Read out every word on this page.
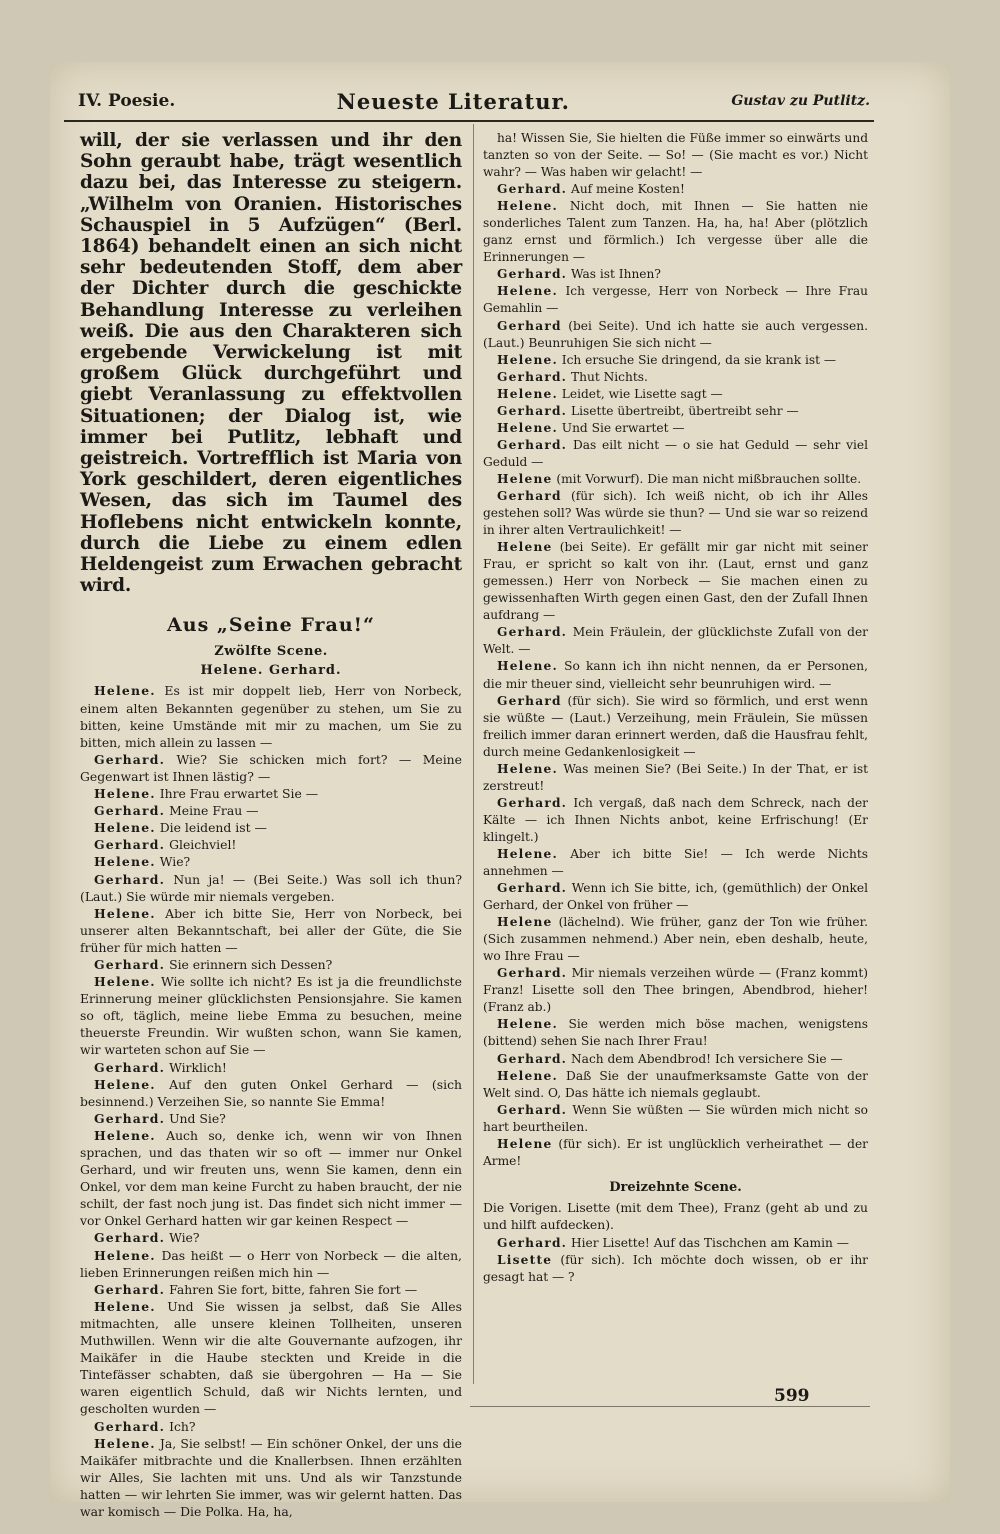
IV. Poesie.	Neueste Literatur.	Gustav zu Putlitz.

will, der sie verlassen und ihr den Sohn geraubt habe, trägt wesentlich dazu bei, das Interesse zu steigern. „Wilhelm von Oranien. Historisches Schauspiel in 5 Aufzügen“ (Berl. 1864) behandelt einen an sich nicht sehr bedeutenden Stoff, dem aber der Dichter durch die geschickte Behandlung Interesse zu verleihen weiß. Die aus den Charakteren sich ergebende Verwickelung ist mit großem Glück durchgeführt und giebt Veranlassung zu effektvollen Situationen; der Dialog ist, wie immer bei Putlitz, lebhaft und geistreich. Vortrefflich ist Maria von York geschildert, deren eigentliches Wesen, das sich im Taumel des Hoflebens nicht entwickeln konnte, durch die Liebe zu einem edlen Heldengeist zum Erwachen gebracht wird.

Aus „Seine Frau!“
Zwölfte Scene.
Helene. Gerhard.

Helene. Es ist mir doppelt lieb, Herr von Norbeck, einem alten Bekannten gegenüber zu stehen, um Sie zu bitten, keine Umstände mit mir zu machen, um Sie zu bitten, mich allein zu lassen —

Gerhard. Wie? Sie schicken mich fort? — Meine Gegenwart ist Ihnen lästig? —

Helene. Ihre Frau erwartet Sie —

Gerhard. Meine Frau —

Helene. Die leidend ist —

Gerhard. Gleichviel!

Helene. Wie?

Gerhard. Nun ja! — (Bei Seite.) Was soll ich thun? (Laut.) Sie würde mir niemals vergeben.

Helene. Aber ich bitte Sie, Herr von Norbeck, bei unserer alten Bekanntschaft, bei aller der Güte, die Sie früher für mich hatten —

Gerhard. Sie erinnern sich Dessen?

Helene. Wie sollte ich nicht? Es ist ja die freundlichste Erinnerung meiner glücklichsten Pensionsjahre. Sie kamen so oft, täglich, meine liebe Emma zu besuchen, meine theuerste Freundin. Wir wußten schon, wann Sie kamen, wir warteten schon auf Sie —

Gerhard. Wirklich!

Helene. Auf den guten Onkel Gerhard — (sich besinnend.) Verzeihen Sie, so nannte Sie Emma!

Gerhard. Und Sie?

Helene. Auch so, denke ich, wenn wir von Ihnen sprachen, und das thaten wir so oft — immer nur Onkel Gerhard, und wir freuten uns, wenn Sie kamen, denn ein Onkel, vor dem man keine Furcht zu haben braucht, der nie schilt, der fast noch jung ist. Das findet sich nicht immer — vor Onkel Gerhard hatten wir gar keinen Respect —

Gerhard. Wie?

Helene. Das heißt — o Herr von Norbeck — die alten, lieben Erinnerungen reißen mich hin —

Gerhard. Fahren Sie fort, bitte, fahren Sie fort —

Helene. Und Sie wissen ja selbst, daß Sie Alles mitmachten, alle unsere kleinen Tollheiten, unseren Muthwillen. Wenn wir die alte Gouvernante aufzogen, ihr Maikäfer in die Haube steckten und Kreide in die Tintefässer schabten, daß sie übergohren — Ha — Sie waren eigentlich Schuld, daß wir Nichts lernten, und gescholten wurden —

Gerhard. Ich?

Helene. Ja, Sie selbst! — Ein schöner Onkel, der uns die Maikäfer mitbrachte und die Knallerbsen. Ihnen erzählten wir Alles, Sie lachten mit uns. Und als wir Tanzstunde hatten — wir lehrten Sie immer, was wir gelernt hatten. Das war komisch — Die Polka. Ha, ha,

ha! Wissen Sie, Sie hielten die Füße immer so einwärts und tanzten so von der Seite. — So! — (Sie macht es vor.) Nicht wahr? — Was haben wir gelacht! —

Gerhard. Auf meine Kosten!

Helene. Nicht doch, mit Ihnen — Sie hatten nie sonderliches Talent zum Tanzen. Ha, ha, ha! Aber (plötzlich ganz ernst und förmlich.) Ich vergesse über alle die Erinnerungen —

Gerhard. Was ist Ihnen?

Helene. Ich vergesse, Herr von Norbeck — Ihre Frau Gemahlin —

Gerhard (bei Seite). Und ich hatte sie auch vergessen. (Laut.) Beunruhigen Sie sich nicht —

Helene. Ich ersuche Sie dringend, da sie krank ist —

Gerhard. Thut Nichts.

Helene. Leidet, wie Lisette sagt —

Gerhard. Lisette übertreibt, übertreibt sehr —

Helene. Und Sie erwartet —

Gerhard. Das eilt nicht — o sie hat Geduld — sehr viel Geduld —

Helene (mit Vorwurf). Die man nicht mißbrauchen sollte.

Gerhard (für sich). Ich weiß nicht, ob ich ihr Alles gestehen soll? Was würde sie thun? — Und sie war so reizend in ihrer alten Vertraulichkeit! —

Helene (bei Seite). Er gefällt mir gar nicht mit seiner Frau, er spricht so kalt von ihr. (Laut, ernst und ganz gemessen.) Herr von Norbeck — Sie machen einen zu gewissenhaften Wirth gegen einen Gast, den der Zufall Ihnen aufdrang —

Gerhard. Mein Fräulein, der glücklichste Zufall von der Welt. —

Helene. So kann ich ihn nicht nennen, da er Personen, die mir theuer sind, vielleicht sehr beunruhigen wird. —

Gerhard (für sich). Sie wird so förmlich, und erst wenn sie wüßte — (Laut.) Verzeihung, mein Fräulein, Sie müssen freilich immer daran erinnert werden, daß die Hausfrau fehlt, durch meine Gedankenlosigkeit —

Helene. Was meinen Sie? (Bei Seite.) In der That, er ist zerstreut!

Gerhard. Ich vergaß, daß nach dem Schreck, nach der Kälte — ich Ihnen Nichts anbot, keine Erfrischung! (Er klingelt.)

Helene. Aber ich bitte Sie! — Ich werde Nichts annehmen —

Gerhard. Wenn ich Sie bitte, ich, (gemüthlich) der Onkel Gerhard, der Onkel von früher —

Helene (lächelnd). Wie früher, ganz der Ton wie früher. (Sich zusammen nehmend.) Aber nein, eben deshalb, heute, wo Ihre Frau —

Gerhard. Mir niemals verzeihen würde — (Franz kommt) Franz! Lisette soll den Thee bringen, Abendbrod, hieher! (Franz ab.)

Helene. Sie werden mich böse machen, wenigstens (bittend) sehen Sie nach Ihrer Frau!

Gerhard. Nach dem Abendbrod! Ich versichere Sie —

Helene. Daß Sie der unaufmerksamste Gatte von der Welt sind. O, Das hätte ich niemals geglaubt.

Gerhard. Wenn Sie wüßten — Sie würden mich nicht so hart beurtheilen.

Helene (für sich). Er ist unglücklich verheirathet — der Arme!

Dreizehnte Scene.

Die Vorigen. Lisette (mit dem Thee), Franz (geht ab und zu und hilft aufdecken).

Gerhard. Hier Lisette! Auf das Tischchen am Kamin —

Lisette (für sich). Ich möchte doch wissen, ob er ihr gesagt hat — ?

599
